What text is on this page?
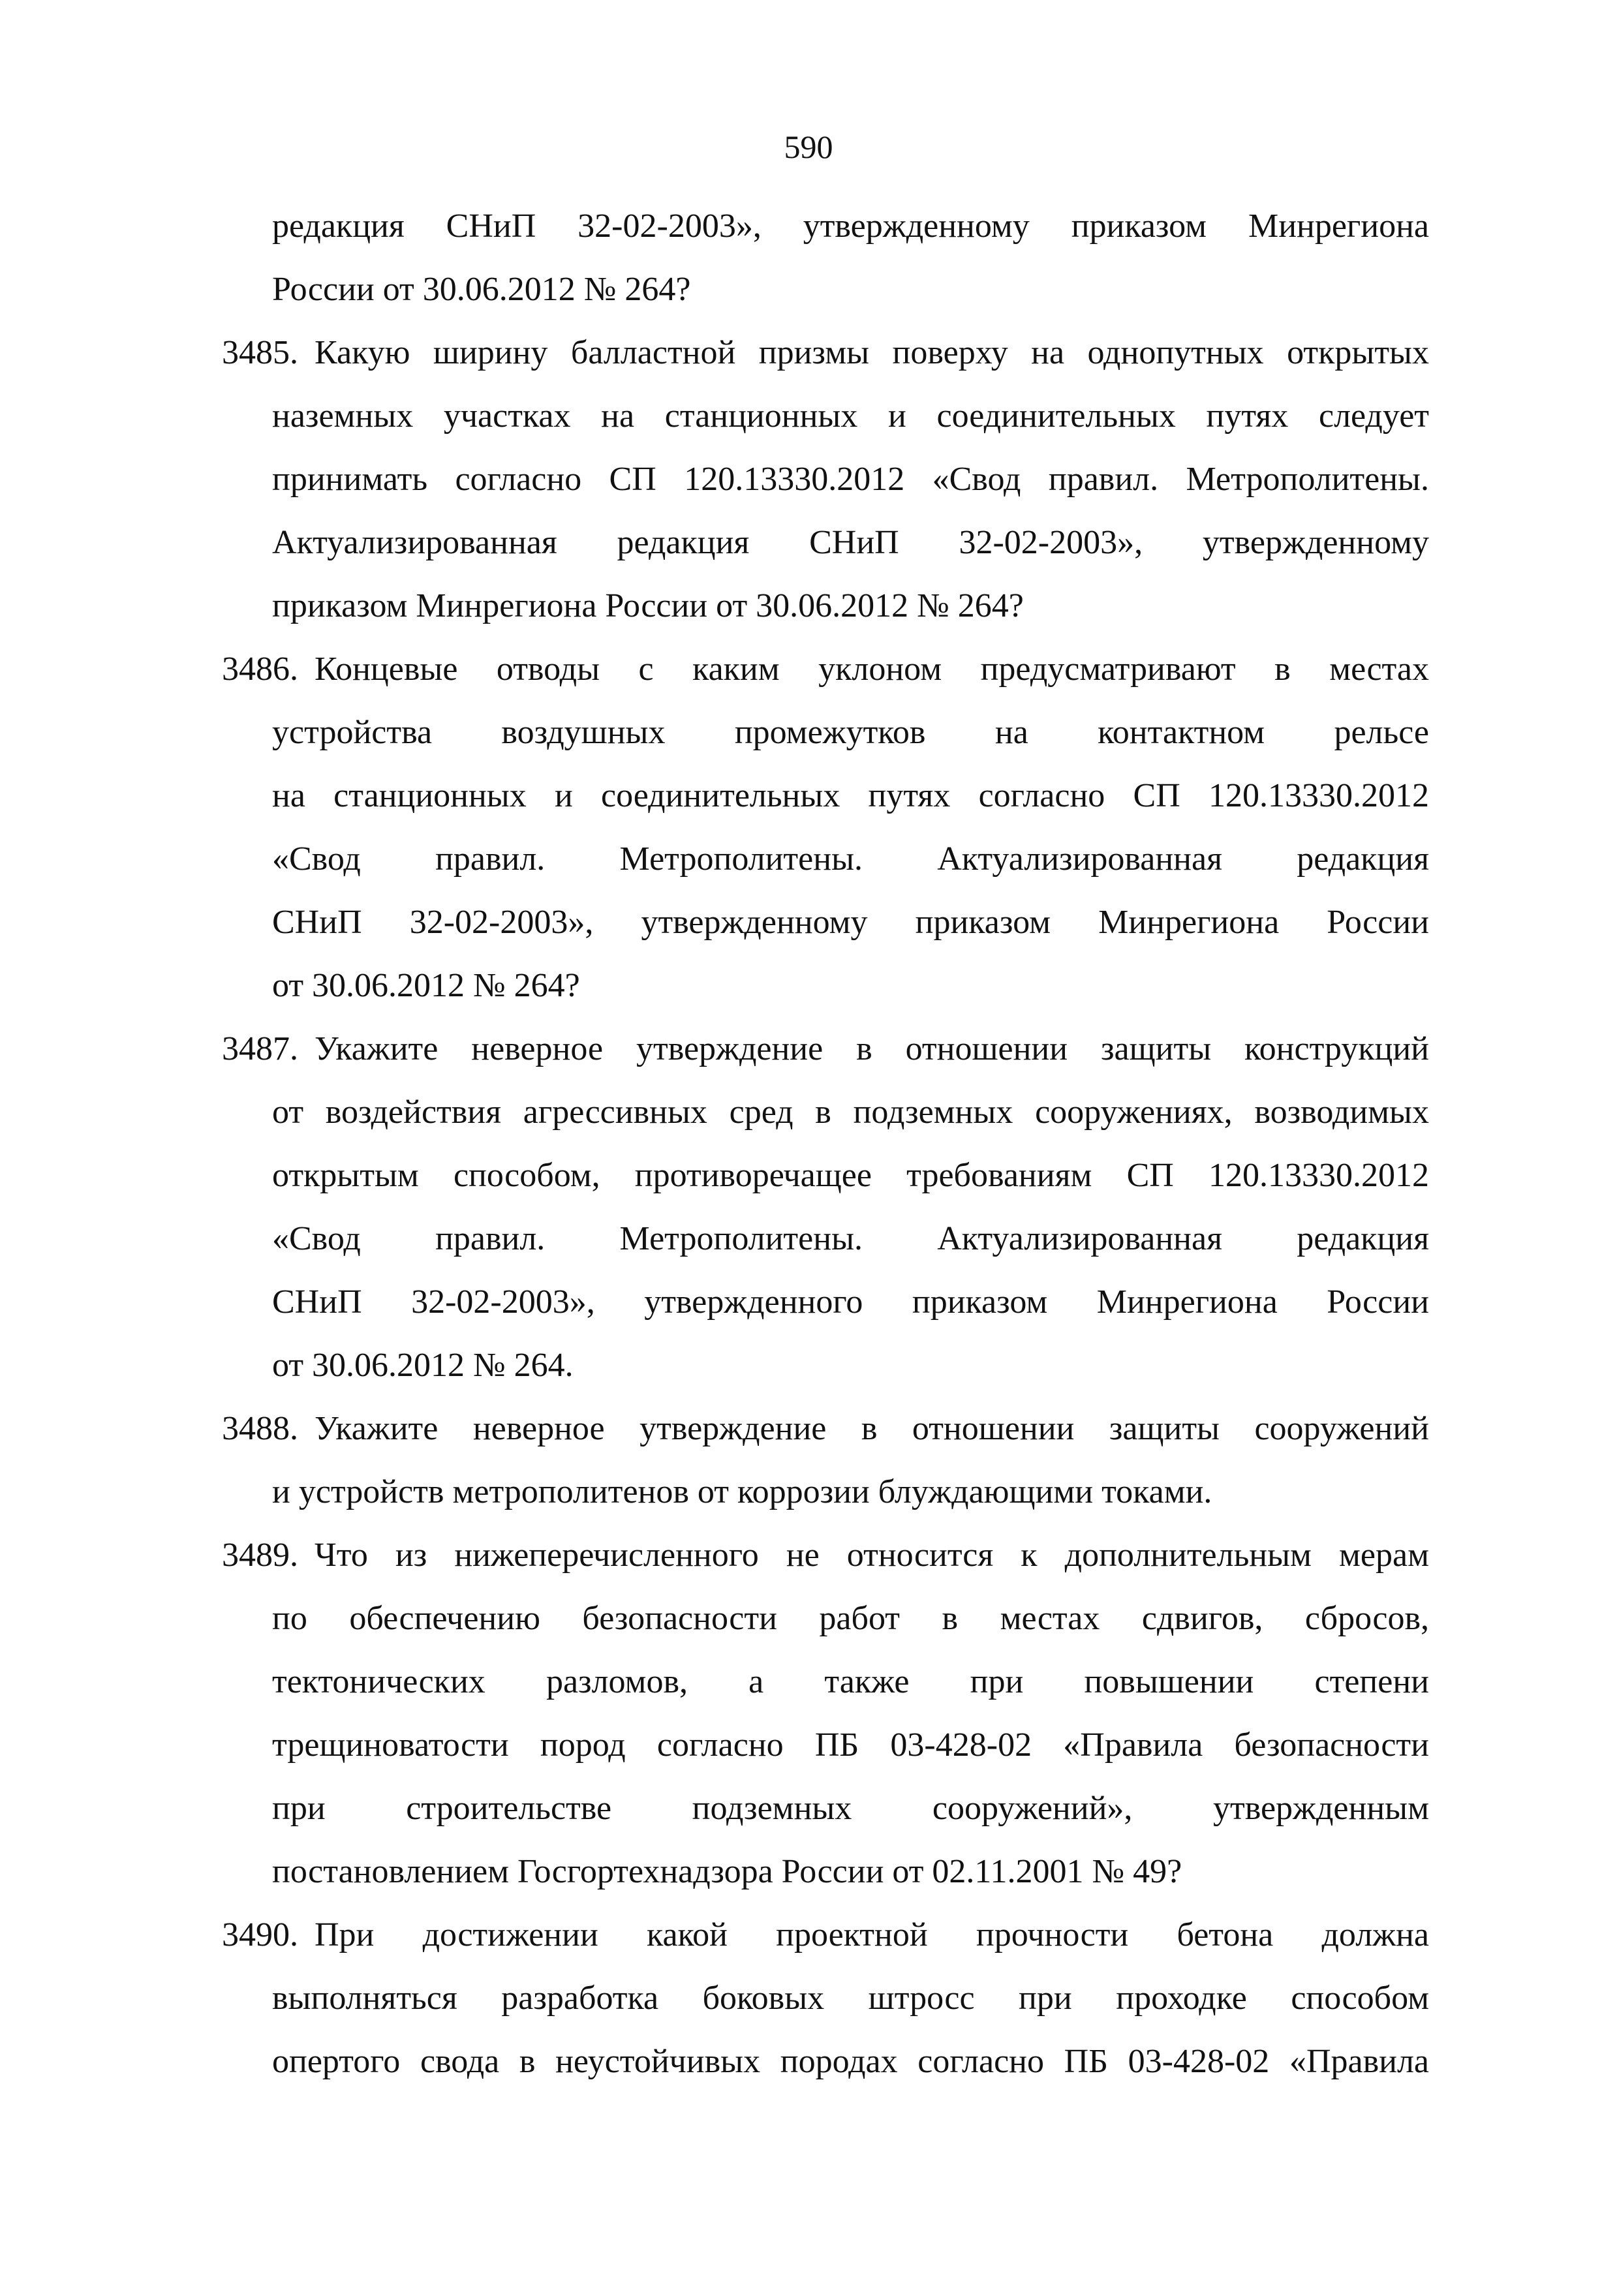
590
редакция СНиП 32-02-2003», утвержденному приказом Минрегиона
России от 30.06.2012 № 264?
3485. Какую ширину балластной призмы поверху на однопутных открытых
наземных участках на станционных и соединительных путях следует
принимать согласно СП 120.13330.2012 «Свод правил. Метрополитены.
Актуализированная редакция СНиП 32-02-2003», утвержденному
приказом Минрегиона России от 30.06.2012 № 264?
3486. Концевые отводы с каким уклоном предусматривают в местах
устройства воздушных промежутков на контактном рельсе
на станционных и соединительных путях согласно СП 120.13330.2012
«Свод правил. Метрополитены. Актуализированная редакция
СНиП 32-02-2003», утвержденному приказом Минрегиона России
от 30.06.2012 № 264?
3487. Укажите неверное утверждение в отношении защиты конструкций
от воздействия агрессивных сред в подземных сооружениях, возводимых
открытым способом, противоречащее требованиям СП 120.13330.2012
«Свод правил. Метрополитены. Актуализированная редакция
СНиП 32-02-2003», утвержденного приказом Минрегиона России
от 30.06.2012 № 264.
3488. Укажите неверное утверждение в отношении защиты сооружений
и устройств метрополитенов от коррозии блуждающими токами.
3489. Что из нижеперечисленного не относится к дополнительным мерам
по обеспечению безопасности работ в местах сдвигов, сбросов,
тектонических разломов, а также при повышении степени
трещиноватости пород согласно ПБ 03-428-02 «Правила безопасности
при строительстве подземных сооружений», утвержденным
постановлением Госгортехнадзора России от 02.11.2001 № 49?
3490. При достижении какой проектной прочности бетона должна
выполняться разработка боковых штросс при проходке способом
опертого свода в неустойчивых породах согласно ПБ 03-428-02 «Правила
